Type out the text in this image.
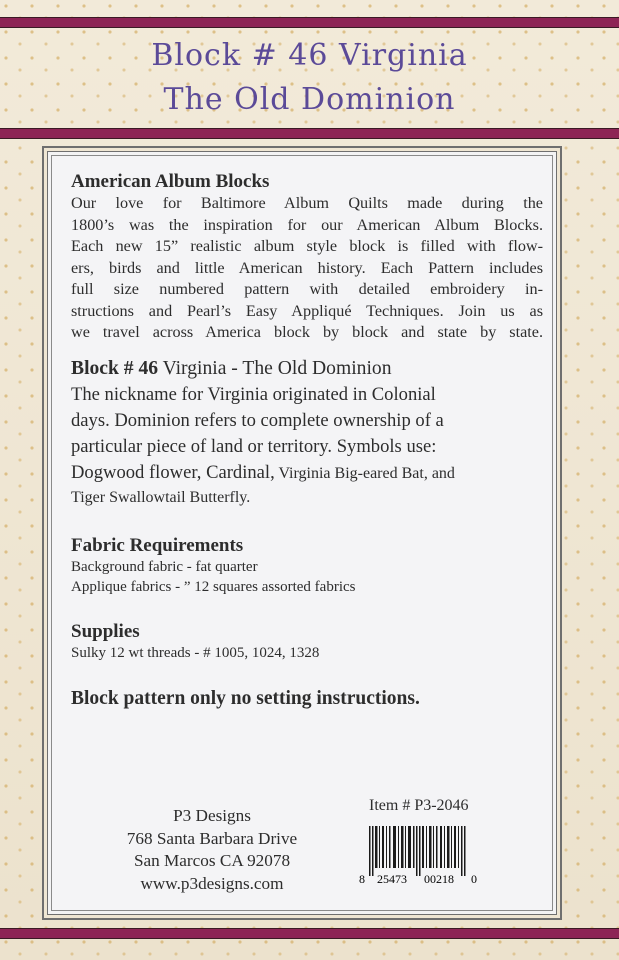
Block # 46 Virginia
The Old Dominion
American Album Blocks
Our love for Baltimore Album Quilts made during the
1800’s was the inspiration for our American Album Blocks.
Each new 15” realistic album style block is filled with flow-
ers, birds and little American history. Each Pattern includes
full size numbered pattern with detailed embroidery in-
structions and Pearl’s Easy Appliqué Techniques. Join us as
we travel across America block by block and state by state.
Block # 46 Virginia - The Old Dominion
The nickname for Virginia originated in Colonial
days. Dominion refers to complete ownership of a
particular piece of land or territory. Symbols use:
Dogwood flower, Cardinal, Virginia Big-eared Bat, and
Tiger Swallowtail Butterfly.
Fabric Requirements
Background fabric - fat quarter
Applique fabrics - ” 12 squares assorted fabrics
Supplies
Sulky 12 wt threads - # 1005, 1024, 1328
Block pattern only no setting instructions.
P3 Designs
768 Santa Barbara Drive
San Marcos CA 92078
www.p3designs.com
Item # P3-2046
8 25473 00218 0
